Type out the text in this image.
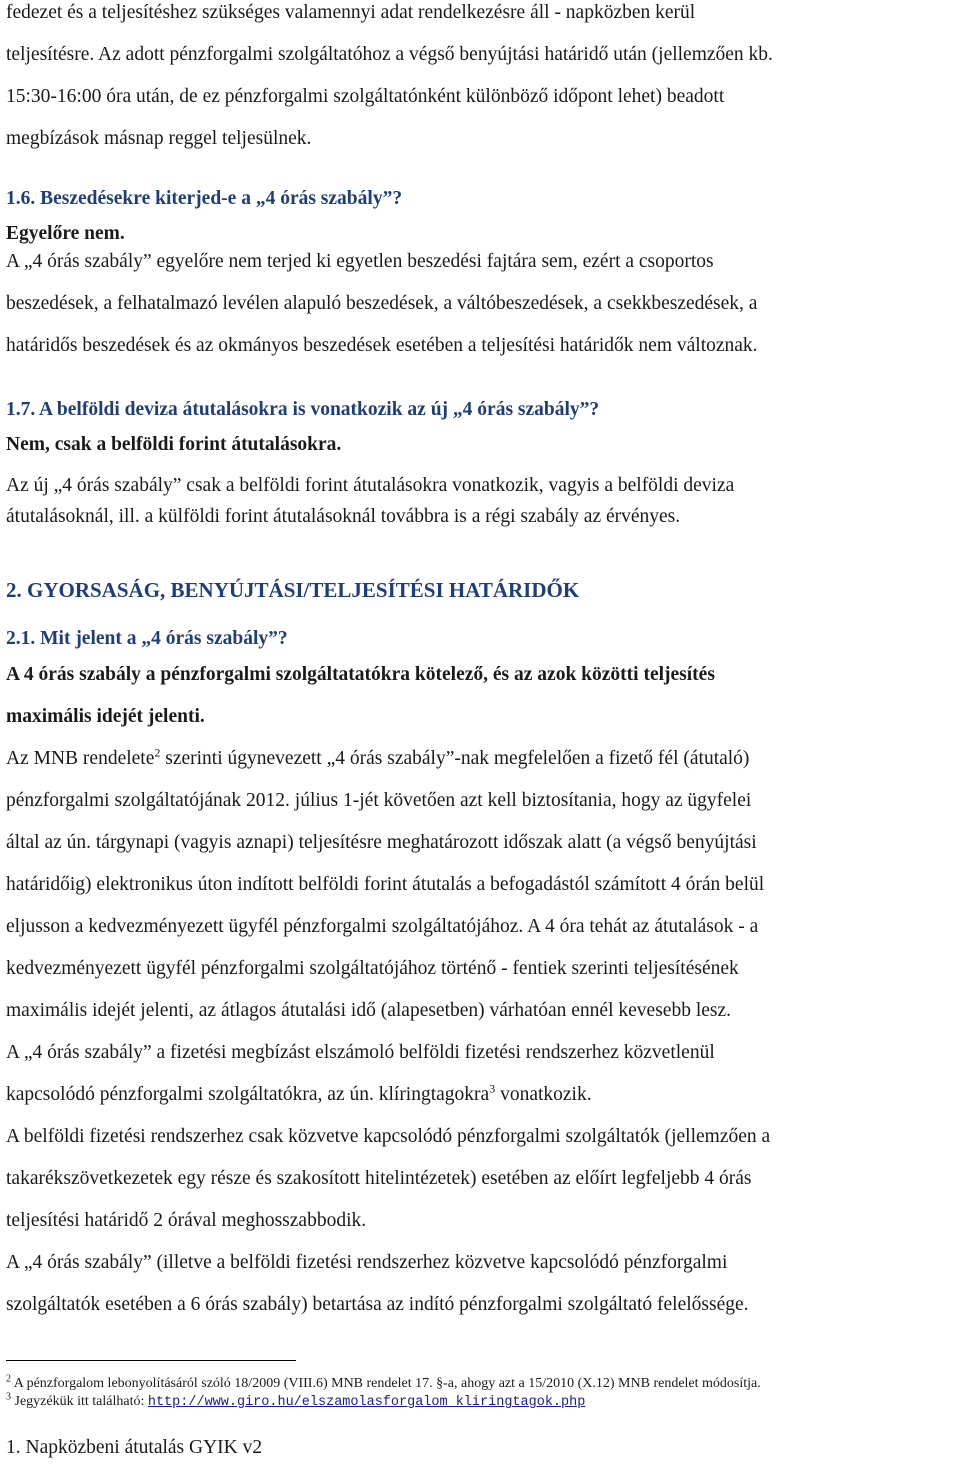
fedezet és a teljesítéshez szükséges valamennyi adat rendelkezésre áll - napközben kerül

teljesítésre. Az adott pénzforgalmi szolgáltatóhoz a végső benyújtási határidő után (jellemzően kb.

15:30-16:00 óra után, de ez pénzforgalmi szolgáltatónként különböző időpont lehet) beadott

megbízások másnap reggel teljesülnek.

1.6. Beszedésekre kiterjed-e a „4 órás szabály”?

Egyelőre nem.

A „4 órás szabály” egyelőre nem terjed ki egyetlen beszedési fajtára sem, ezért a csoportos

beszedések, a felhatalmazó levélen alapuló beszedések, a váltóbeszedések, a csekkbeszedések, a

határidős beszedések és az okmányos beszedések esetében a teljesítési határidők nem változnak.

1.7. A belföldi deviza átutalásokra is vonatkozik az új „4 órás szabály”?

Nem, csak a belföldi forint átutalásokra.

Az új „4 órás szabály” csak a belföldi forint átutalásokra vonatkozik, vagyis a belföldi deviza

átutalásoknál, ill. a külföldi forint átutalásoknál továbbra is a régi szabály az érvényes.

2. GYORSASÁG, BENYÚJTÁSI/TELJESÍTÉSI HATÁRIDŐK

2.1. Mit jelent a „4 órás szabály”?

A 4 órás szabály a pénzforgalmi szolgáltatatókra kötelező, és az azok közötti teljesítés

maximális idejét jelenti.

Az MNB rendelete$^2$ szerinti úgynevezett „4 órás szabály”-nak megfelelően a fizető fél (átutaló)

pénzforgalmi szolgáltatójának 2012. július 1-jét követően azt kell biztosítania, hogy az ügyfelei

által az ún. tárgynapi (vagyis aznapi) teljesítésre meghatározott időszak alatt (a végső benyújtási

határidőig) elektronikus úton indított belföldi forint átutalás a befogadástól számított 4 órán belül

eljusson a kedvezményezett ügyfél pénzforgalmi szolgáltatójához. A 4 óra tehát az átutalások - a

kedvezményezett ügyfél pénzforgalmi szolgáltatójához történő - fentiek szerinti teljesítésének

maximális idejét jelenti, az átlagos átutalási idő (alapesetben) várhatóan ennél kevesebb lesz.

A „4 órás szabály” a fizetési megbízást elszámoló belföldi fizetési rendszerhez közvetlenül

kapcsolódó pénzforgalmi szolgáltatókra, az ún. klíringtagokra$^3$ vonatkozik.

A belföldi fizetési rendszerhez csak közvetve kapcsolódó pénzforgalmi szolgáltatók (jellemzően a

takarékszövetkezetek egy része és szakosított hitelintézetek) esetében az előírt legfeljebb 4 órás

teljesítési határidő 2 órával meghosszabbodik.

A „4 órás szabály” (illetve a belföldi fizetési rendszerhez közvetve kapcsolódó pénzforgalmi

szolgáltatók esetében a 6 órás szabály) betartása az indító pénzforgalmi szolgáltató felelőssége.

$^2$ A pénzforgalom lebonyolításáról szóló 18/2009 (VIII.6) MNB rendelet 17. §-a, ahogy azt a 15/2010 (X.12) MNB rendelet módosítja.
$^3$ Jegyzékük itt található: http://www.giro.hu/elszamolasforgalom_kliringtagok.php
1. Napközbeni átutalás GYIK v2
